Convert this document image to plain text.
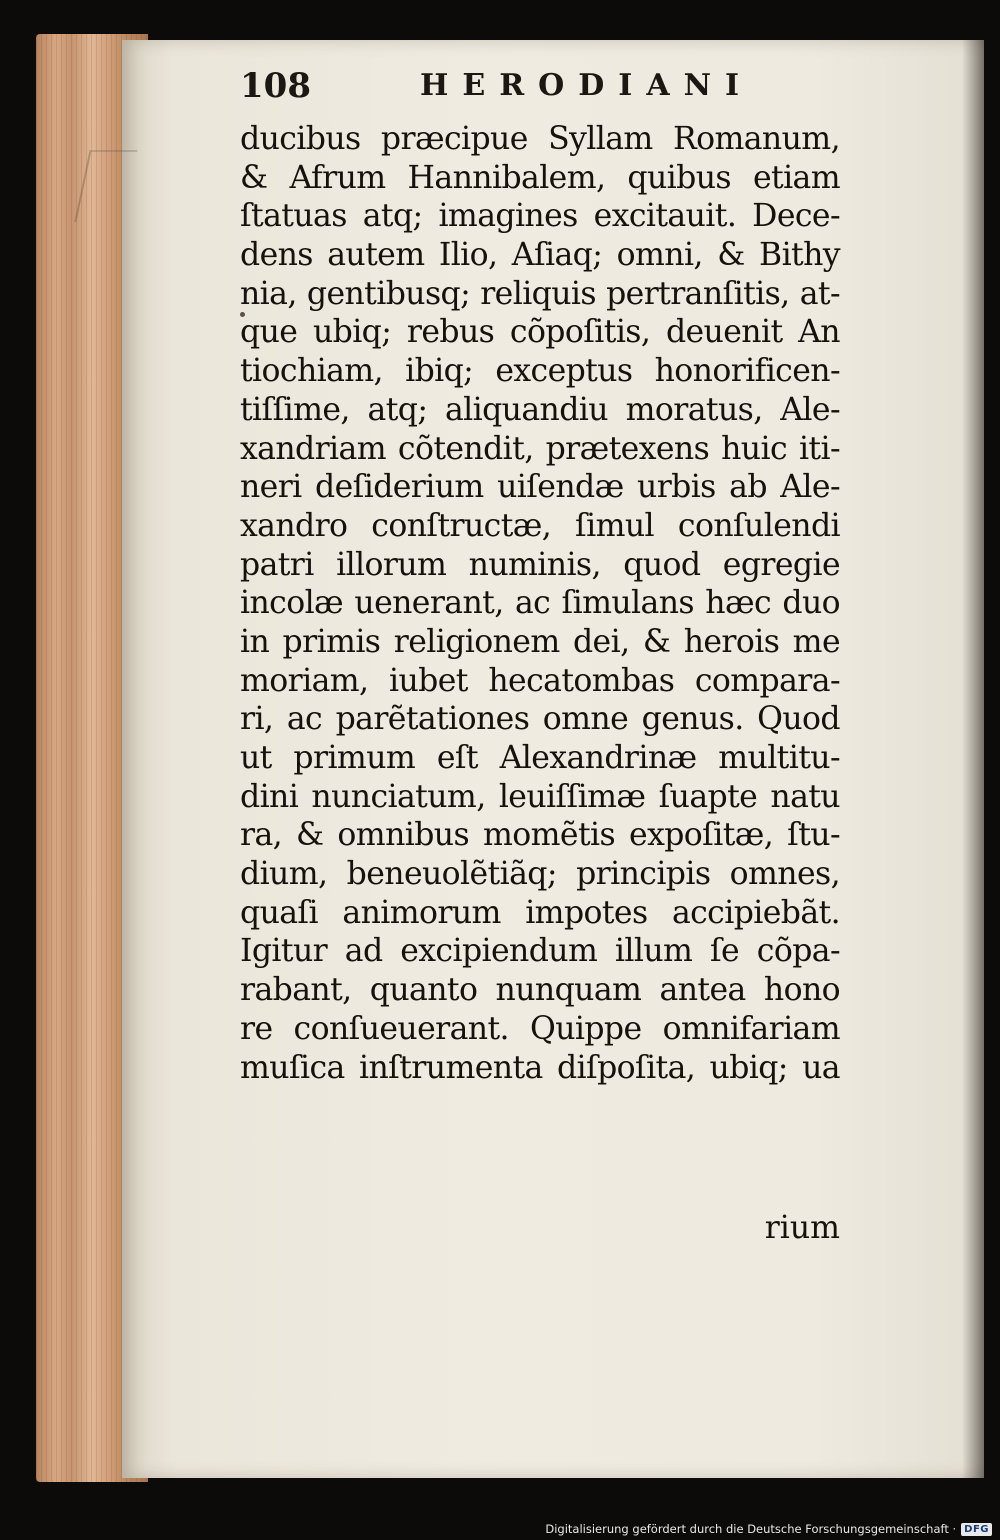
108	HERODIANI
ducibus præcipue Syllam Romanum,
& Afrum Hannibalem, quibus etiam
ſtatuas atq; imagines excitauit. Dece-
dens autem Ilio, Aſiaq; omni, & Bithy
nia, gentibusq; reliquis pertranſitis, at-
que ubiq; rebus cõpoſitis, deuenit An
tiochiam, ibiq; exceptus honorificen-
tiſſime, atq; aliquandiu moratus, Ale-
xandriam cõtendit, prætexens huic iti-
neri deſiderium uiſendæ urbis ab Ale-
xandro conſtructæ, ſimul conſulendi
patri illorum numinis, quod egregie
incolæ uenerant, ac ſimulans hæc duo
in primis religionem dei, & herois me
moriam, iubet hecatombas compara-
ri, ac parẽtationes omne genus. Quod
ut primum eſt Alexandrinæ multitu-
dini nunciatum, leuiſſimæ ſuapte natu
ra, & omnibus momẽtis expoſitæ, ſtu-
dium, beneuolẽtiãq; principis omnes,
quaſi animorum impotes accipiebãt.
Igitur ad excipiendum illum ſe cõpa-
rabant, quanto nunquam antea hono
re conſueuerant. Quippe omnifariam
muſica inſtrumenta diſpoſita, ubiq; ua
rium
Digitalisierung gefördert durch die Deutsche Forschungsgemeinschaft · DFG
